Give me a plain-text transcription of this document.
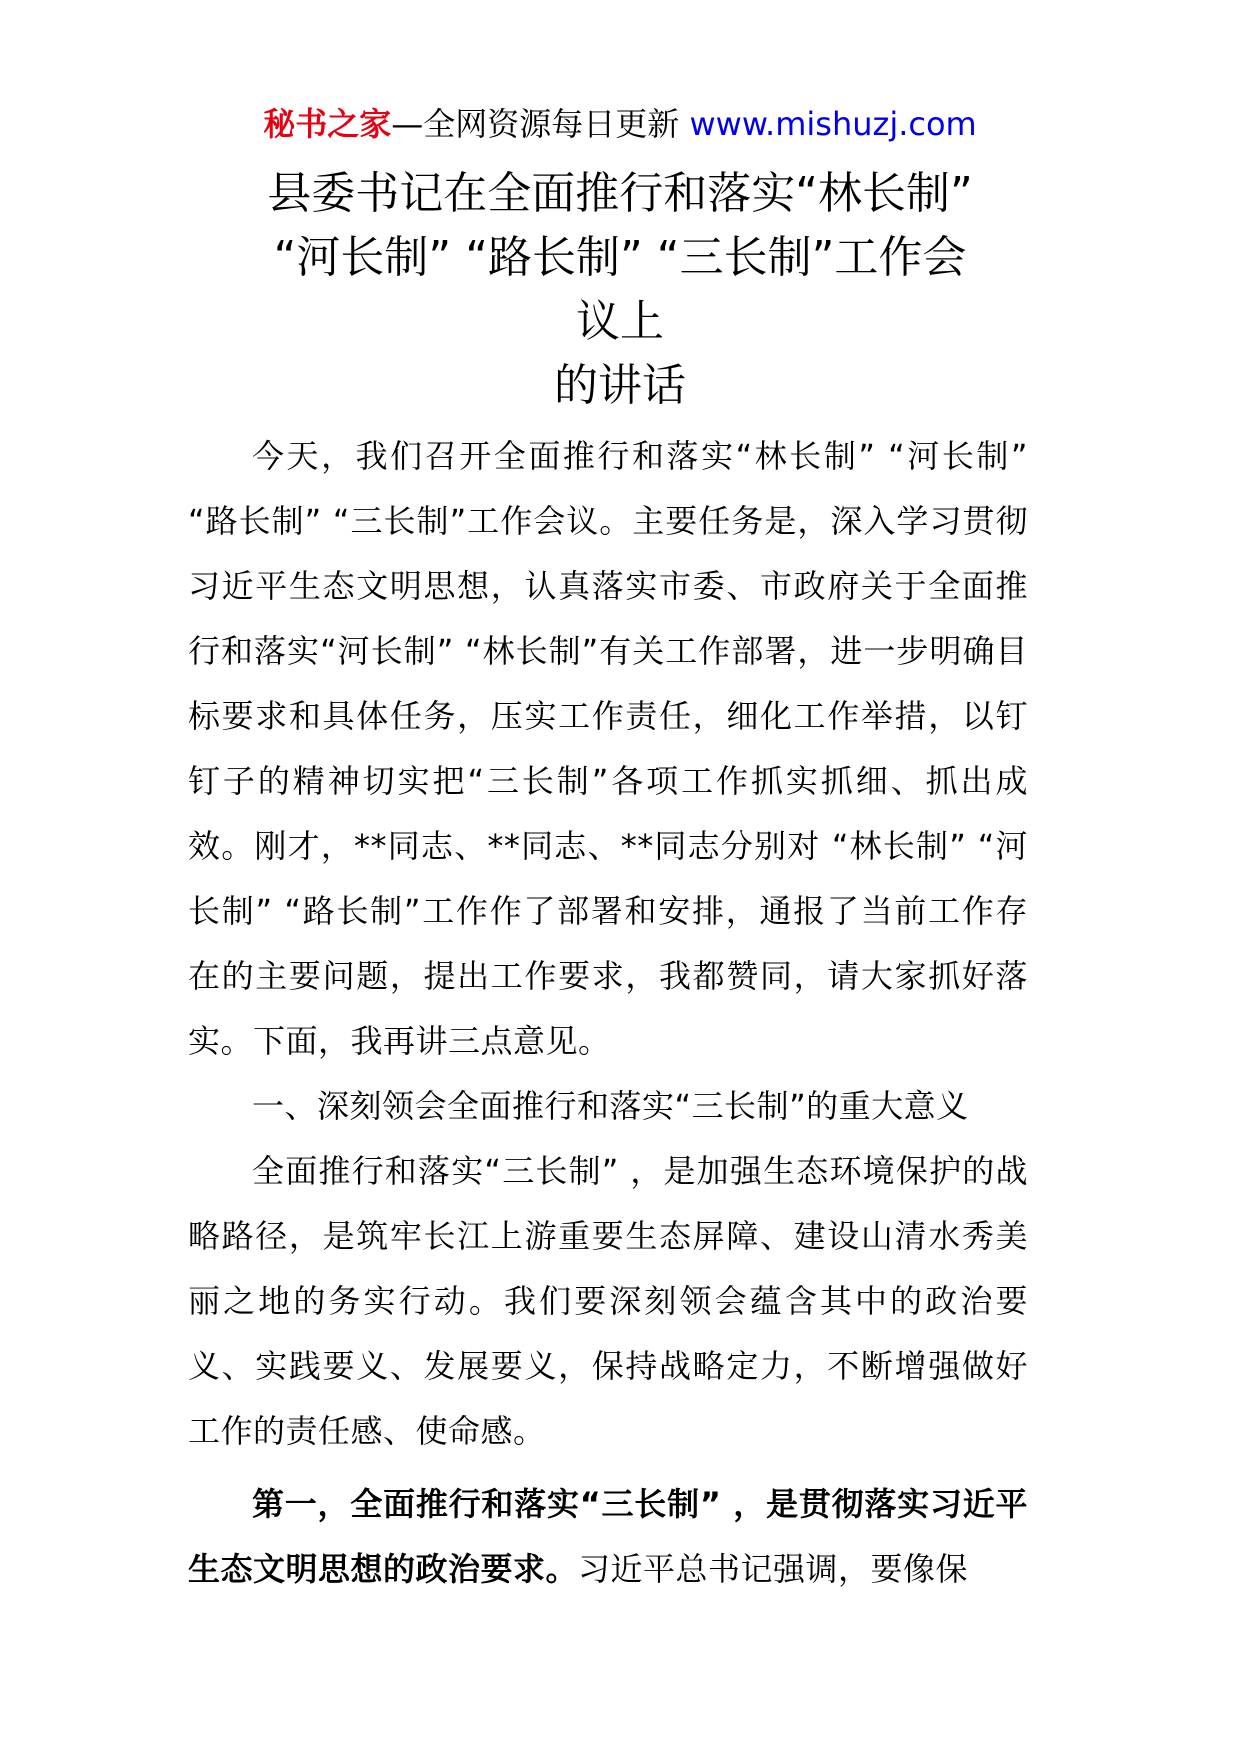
秘书之家—全网资源每日更新 www.mishuzj.com
县委书记在全面推行和落实“林长制”
“河长制” “路长制” “三长制”工作会
议上
的讲话

今天，我们召开全面推行和落实“林长制” “河长制” “路长制” “三长制”工作会议。主要任务是，深入学习贯彻习近平生态文明思想，认真落实市委、市政府关于全面推行和落实“河长制” “林长制”有关工作部署，进一步明确目标要求和具体任务，压实工作责任，细化工作举措，以钉钉子的精神切实把“三长制”各项工作抓实抓细、抓出成效。刚才，**同志、**同志、**同志分别对 “林长制” “河长制” “路长制”工作作了部署和安排，通报了当前工作存在的主要问题，提出工作要求，我都赞同，请大家抓好落实。下面，我再讲三点意见。

一、深刻领会全面推行和落实“三长制”的重大意义

全面推行和落实“三长制” ，是加强生态环境保护的战略路径，是筑牢长江上游重要生态屏障、建设山清水秀美丽之地的务实行动。我们要深刻领会蕴含其中的政治要义、实践要义、发展要义，保持战略定力，不断增强做好工作的责任感、使命感。

第一，全面推行和落实“三长制” ，是贯彻落实习近平生态文明思想的政治要求。习近平总书记强调，要像保
